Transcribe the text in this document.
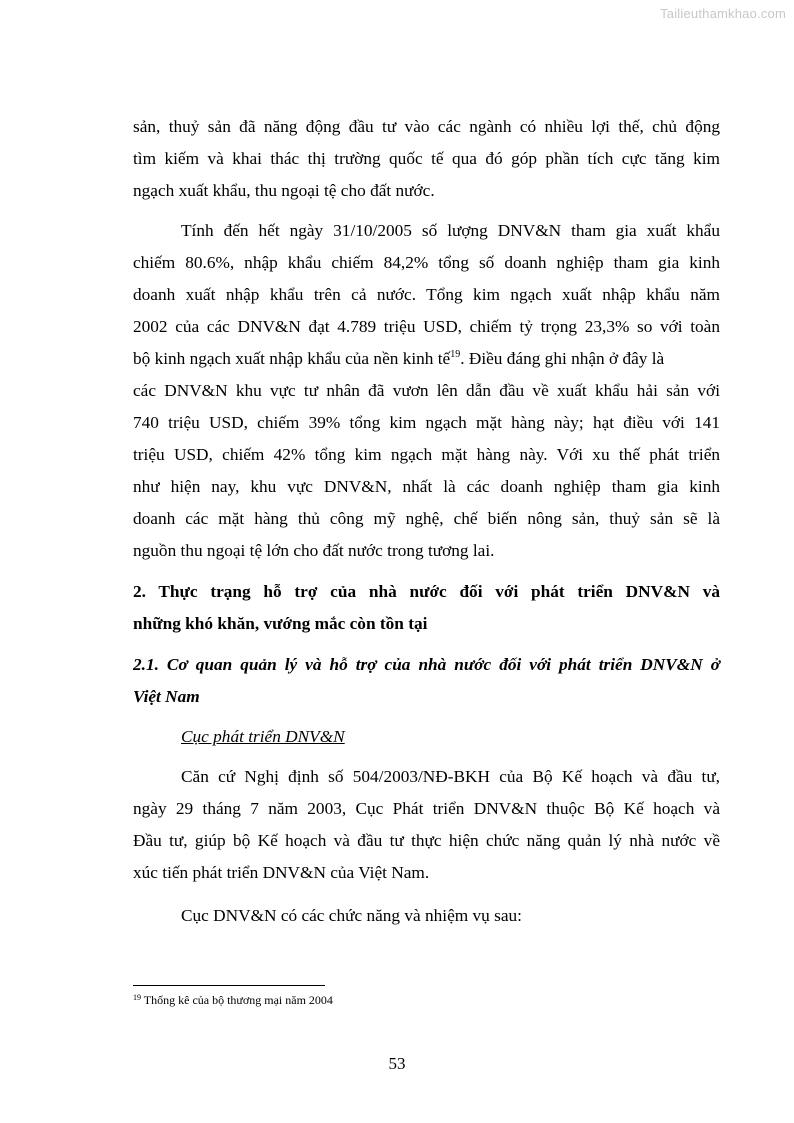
Tailieuthamkhao.com
sản, thuỷ sản đã năng động đầu tư vào các ngành có nhiều lợi thế, chủ động
tìm kiếm và khai thác thị trường quốc tế qua đó góp phần tích cực tăng kim
ngạch xuất khẩu, thu ngoại tệ cho đất nước.
Tính đến hết ngày 31/10/2005 số lượng DNV&N tham gia xuất khẩu
chiếm 80.6%, nhập khẩu chiếm 84,2% tổng số doanh nghiệp tham gia kinh
doanh xuất nhập khẩu trên cả nước. Tổng kim ngạch xuất nhập khẩu năm
2002 của các DNV&N đạt 4.789 triệu USD, chiếm tỷ trọng 23,3% so với toàn
bộ kinh ngạch xuất nhập khẩu của nền kinh tế$^{19}$. Điều đáng ghi nhận ở đây là
các DNV&N khu vực tư nhân đã vươn lên dẫn đầu về xuất khẩu hải sản với
740 triệu USD, chiếm 39% tổng kim ngạch mặt hàng này; hạt điều với 141
triệu USD, chiếm 42% tổng kim ngạch mặt hàng này. Với xu thế phát triển
như hiện nay, khu vực DNV&N, nhất là các doanh nghiệp tham gia kinh
doanh các mặt hàng thủ công mỹ nghệ, chế biến nông sản, thuỷ sản sẽ là
nguồn thu ngoại tệ lớn cho đất nước trong tương lai.
2. Thực trạng hỗ trợ của nhà nước đối với phát triển DNV&N và
những khó khăn, vướng mắc còn tồn tại
2.1. Cơ quan quản lý và hỗ trợ của nhà nước đối với phát triển DNV&N ở
Việt Nam
Cục phát triển DNV&N
Căn cứ Nghị định số 504/2003/NĐ-BKH của Bộ Kế hoạch và đầu tư,
ngày 29 tháng 7 năm 2003, Cục Phát triển DNV&N thuộc Bộ Kế hoạch và
Đầu tư, giúp bộ Kế hoạch và đầu tư thực hiện chức năng quản lý nhà nước về
xúc tiến phát triển DNV&N của Việt Nam.
Cục DNV&N có các chức năng và nhiệm vụ sau:
$^{19}$ Thống kê của bộ thương mại năm 2004
53
